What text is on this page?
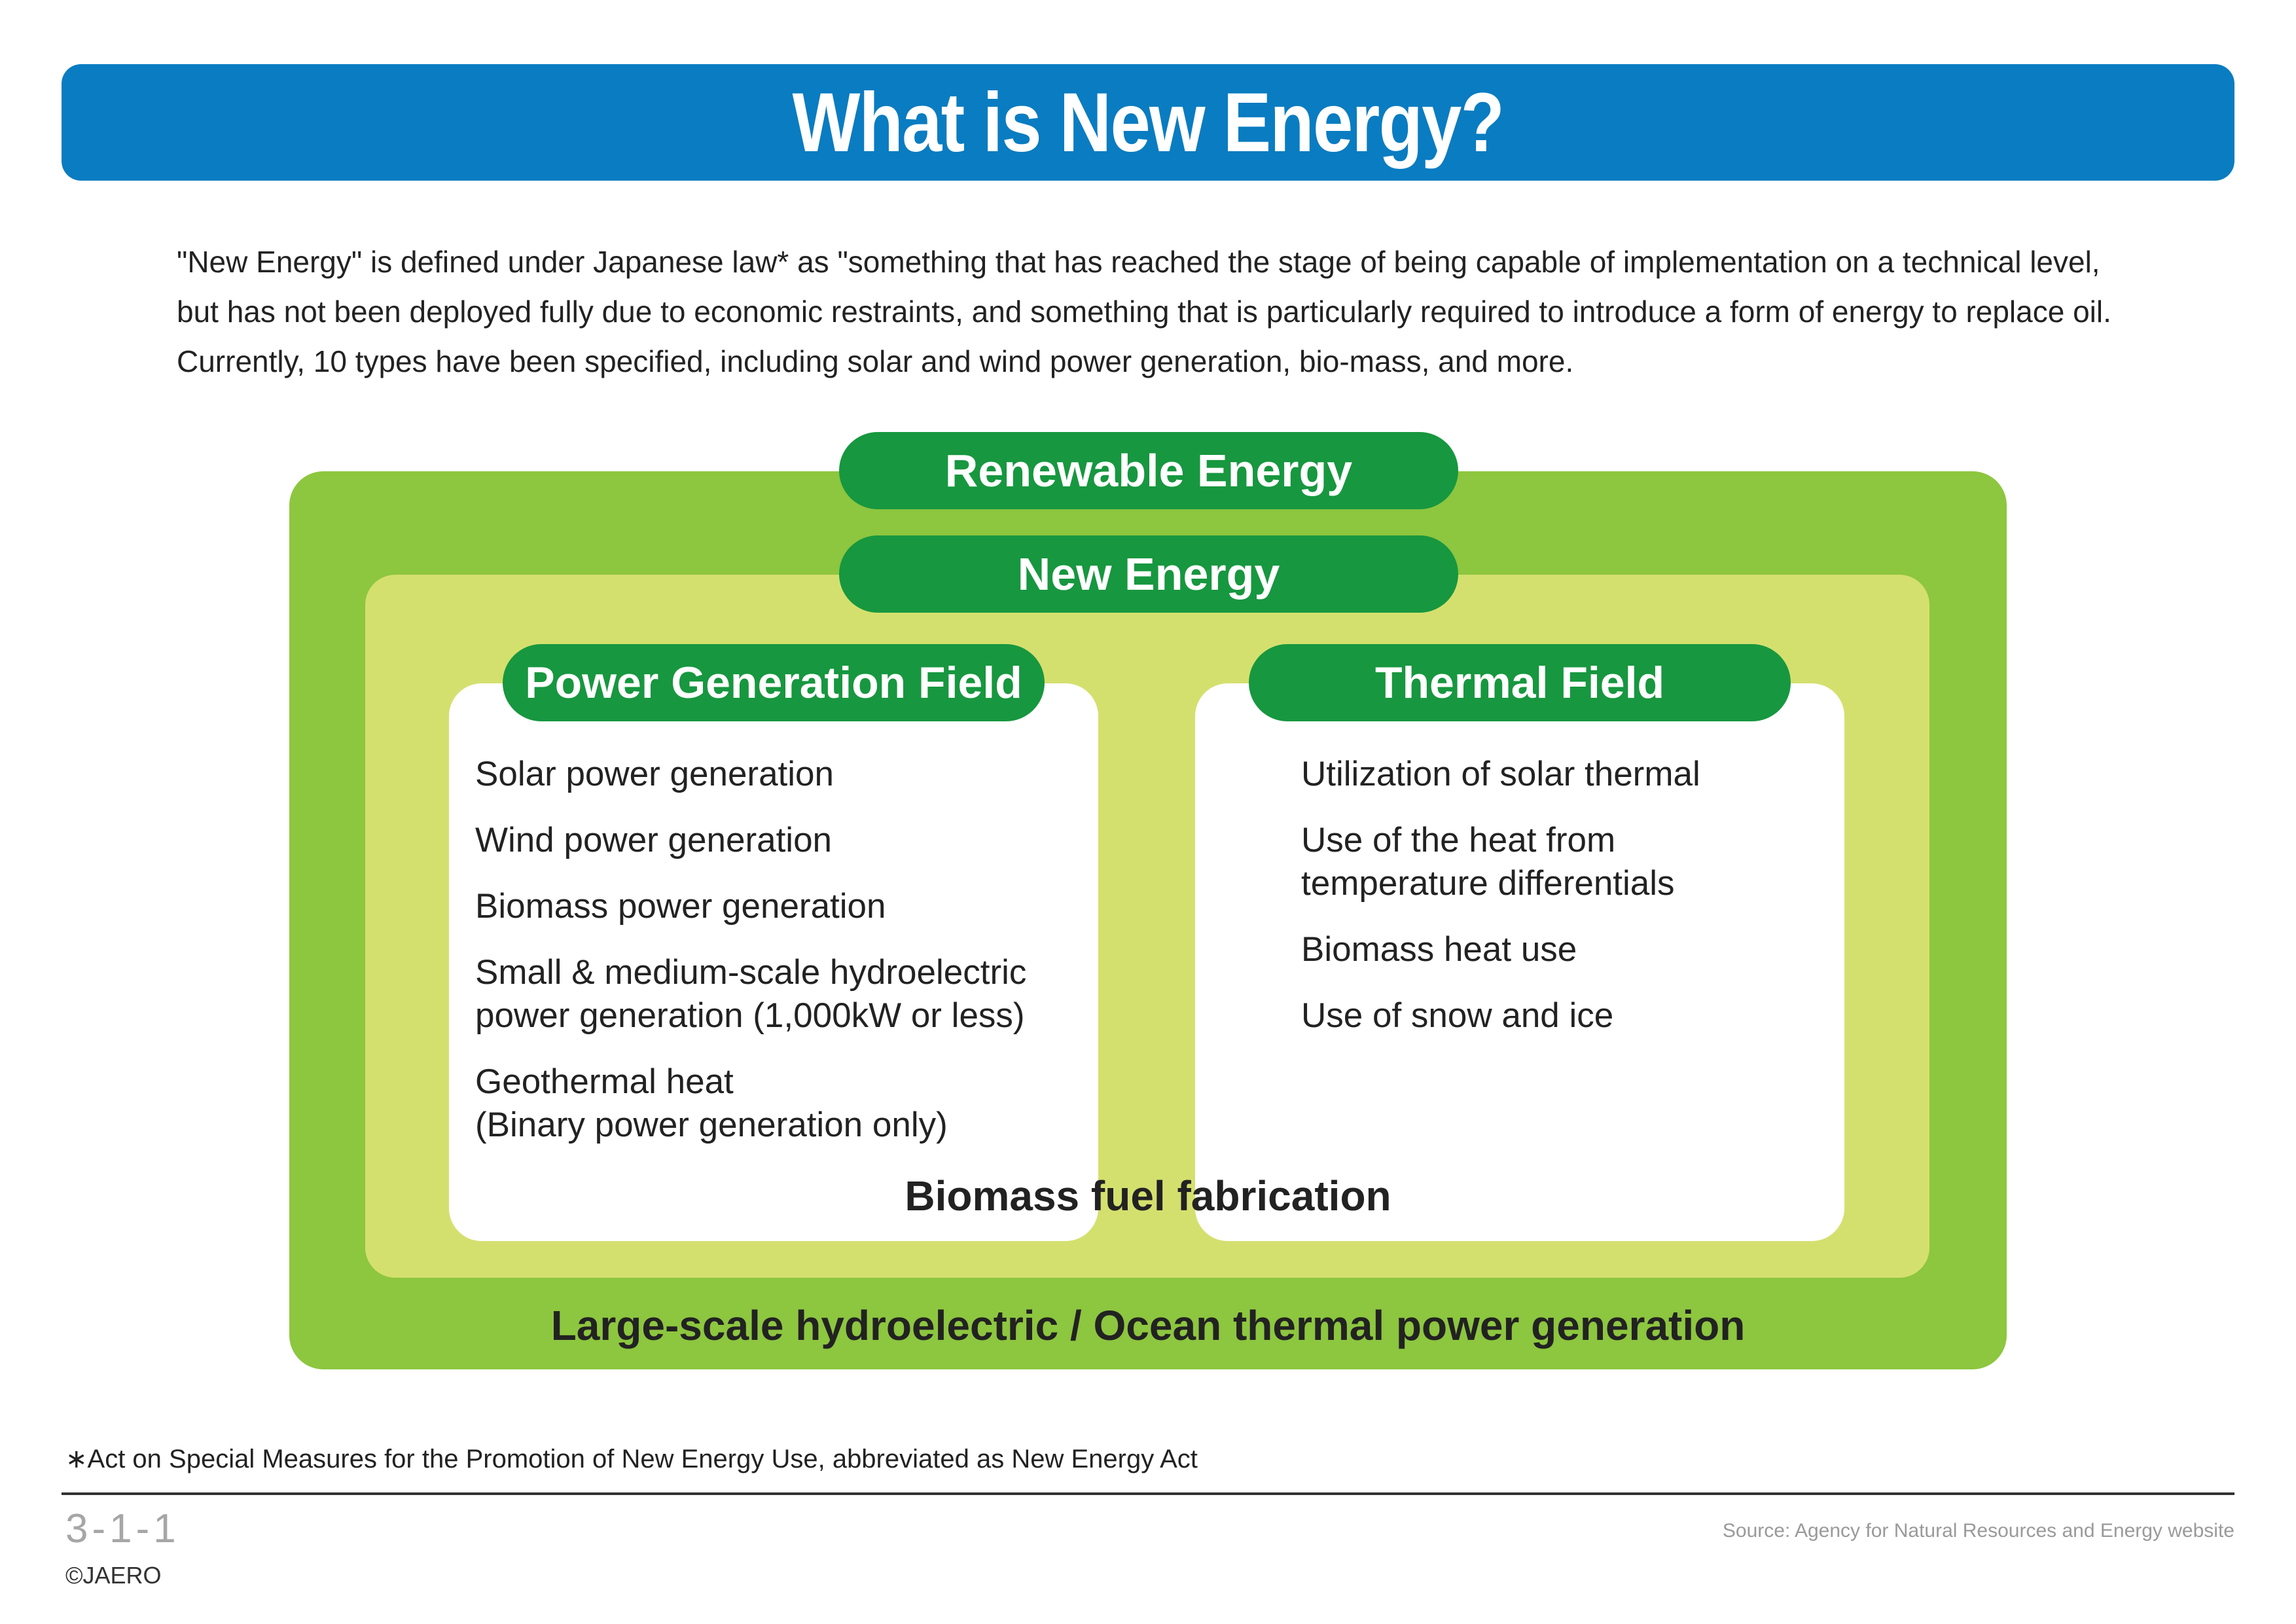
What is New Energy?

"New Energy" is defined under Japanese law* as "something that has reached the stage of being capable of implementation on a technical level,

but has not been deployed fully due to economic restraints, and something that is particularly required to introduce a form of energy to replace oil.

Currently, 10 types have been specified, including solar and wind power generation, bio-mass, and more.

Renewable Energy
New Energy
Power Generation Field	Thermal Field
Solar power generation
Wind power generation
Biomass power generation
Small & medium-scale hydroelectric
power generation (1,000kW or less)
Geothermal heat
(Binary power generation only)
Utilization of solar thermal
Use of the heat from
temperature differentials
Biomass heat use
Use of snow and ice
Biomass fuel fabrication
Large-scale hydroelectric / Ocean thermal power generation
∗Act on Special Measures for the Promotion of New Energy Use, abbreviated as New Energy Act
3-1-1	Source: Agency for Natural Resources and Energy website
©JAERO
